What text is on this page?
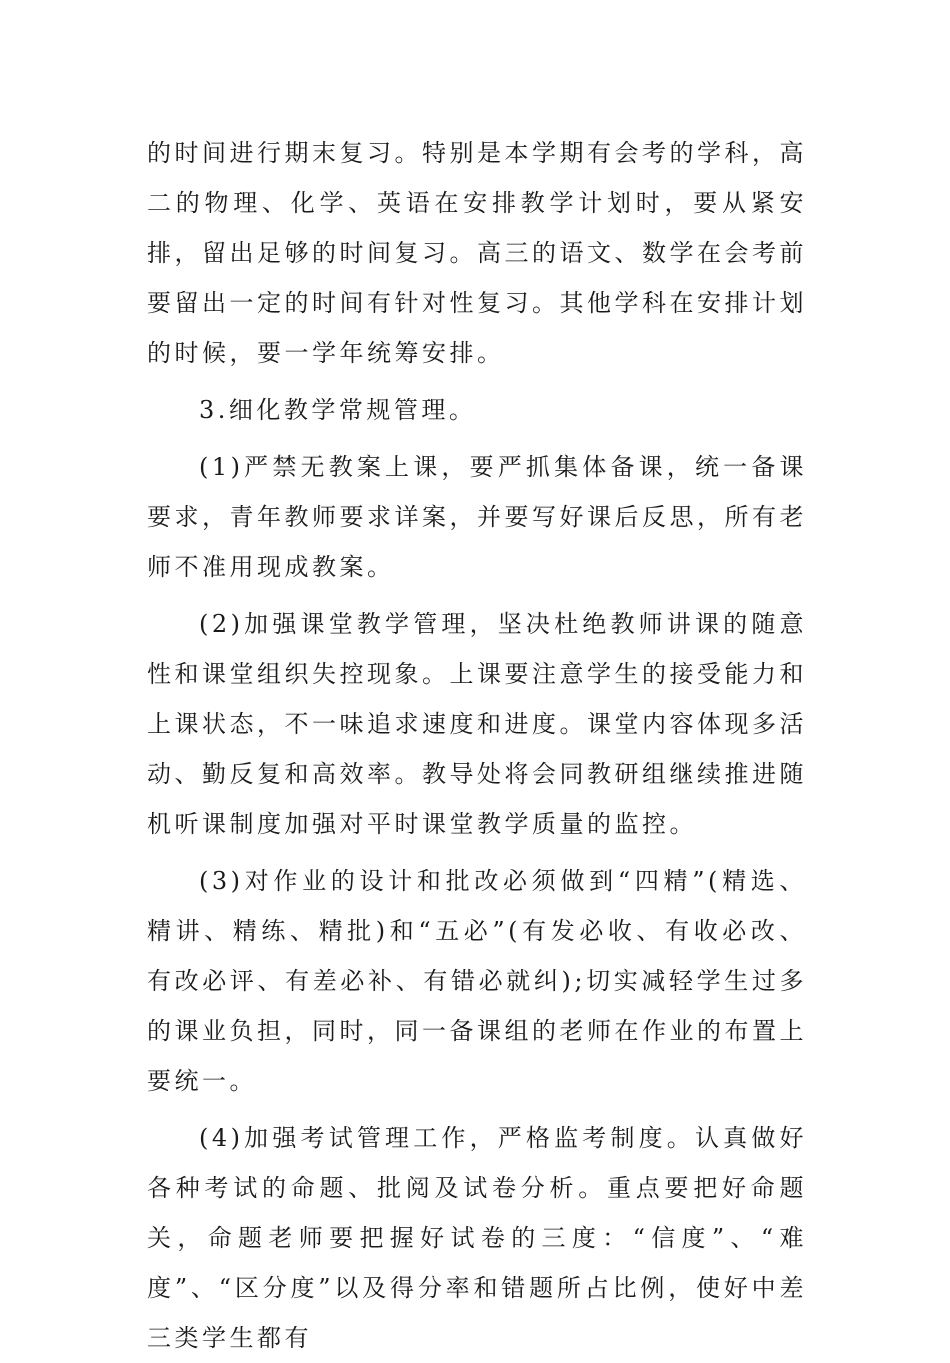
的时间进行期末复习。特别是本学期有会考的学科，高二的物理、化学、英语在安排教学计划时，要从紧安排，留出足够的时间复习。高三的语文、数学在会考前要留出一定的时间有针对性复习。其他学科在安排计划的时候，要一学年统筹安排。

3.细化教学常规管理。

(1)严禁无教案上课，要严抓集体备课，统一备课要求，青年教师要求详案，并要写好课后反思，所有老师不准用现成教案。

(2)加强课堂教学管理，坚决杜绝教师讲课的随意性和课堂组织失控现象。上课要注意学生的接受能力和上课状态，不一味追求速度和进度。课堂内容体现多活动、勤反复和高效率。教导处将会同教研组继续推进随机听课制度加强对平时课堂教学质量的监控。

(3)对作业的设计和批改必须做到“四精”(精选、精讲、精练、精批)和“五必”(有发必收、有收必改、有改必评、有差必补、有错必就纠);切实减轻学生过多的课业负担，同时，同一备课组的老师在作业的布置上要统一。

(4)加强考试管理工作，严格监考制度。认真做好各种考试的命题、批阅及试卷分析。重点要把好命题关，命题老师要把握好试卷的三度：“信度”、“难度”、“区分度”以及得分率和错题所占比例，使好中差三类学生都有
